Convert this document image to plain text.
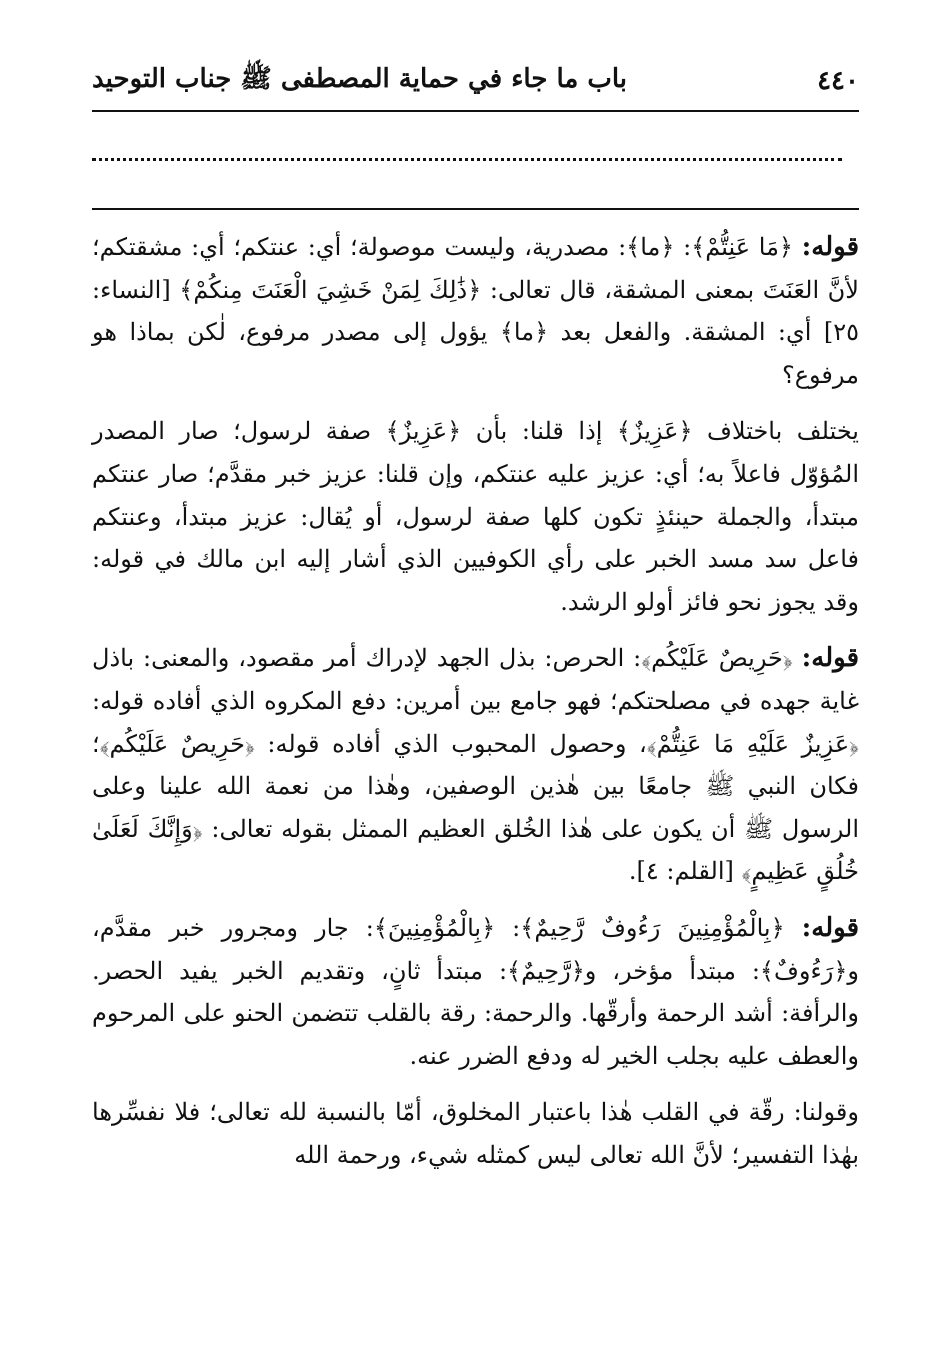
باب ما جاء في حماية المصطفى ﷺ جناب التوحيد	٤٤٠

قوله: ﴿مَا عَنِتُّمْ﴾: ﴿ما﴾: مصدرية، وليست موصولة؛ أي: عنتكم؛ أي: مشقتكم؛ لأنَّ العَنَتَ بمعنى المشقة، قال تعالى: ﴿ذَٰلِكَ لِمَنْ خَشِيَ الْعَنَتَ مِنكُمْ﴾ [النساء: ٢٥] أي: المشقة. والفعل بعد ﴿ما﴾ يؤول إلى مصدر مرفوع، لٰكن بماذا هو مرفوع؟

يختلف باختلاف ﴿عَزِيزٌ﴾ إذا قلنا: بأن ﴿عَزِيزٌ﴾ صفة لرسول؛ صار المصدر المُؤوّل فاعلاً به؛ أي: عزيز عليه عنتكم، وإن قلنا: عزيز خبر مقدَّم؛ صار عنتكم مبتدأ، والجملة حينئذٍ تكون كلها صفة لرسول، أو يُقال: عزيز مبتدأ، وعنتكم فاعل سد مسد الخبر على رأي الكوفيين الذي أشار إليه ابن مالك في قوله: وقد يجوز نحو فائز أولو الرشد.

قوله: ﴿حَرِيصٌ عَلَيْكُم﴾: الحرص: بذل الجهد لإدراك أمر مقصود، والمعنى: باذل غاية جهده في مصلحتكم؛ فهو جامع بين أمرين: دفع المكروه الذي أفاده قوله: ﴿عَزِيزٌ عَلَيْهِ مَا عَنِتُّمْ﴾، وحصول المحبوب الذي أفاده قوله: ﴿حَرِيصٌ عَلَيْكُم﴾؛ فكان النبي ﷺ جامعًا بين هٰذين الوصفين، وهٰذا من نعمة الله علينا وعلى الرسول ﷺ أن يكون على هٰذا الخُلق العظيم الممثل بقوله تعالى: ﴿وَإِنَّكَ لَعَلَىٰ خُلُقٍ عَظِيمٍ﴾ [القلم: ٤].

قوله: ﴿بِالْمُؤْمِنِينَ رَءُوفٌ رَّحِيمٌ﴾: ﴿بِالْمُؤْمِنِينَ﴾: جار ومجرور خبر مقدَّم، و﴿رَءُوفٌ﴾: مبتدأ مؤخر، و﴿رَّحِيمٌ﴾: مبتدأ ثانٍ، وتقديم الخبر يفيد الحصر. والرأفة: أشد الرحمة وأرقّها. والرحمة: رقة بالقلب تتضمن الحنو على المرحوم والعطف عليه بجلب الخير له ودفع الضرر عنه.

وقولنا: رقّة في القلب هٰذا باعتبار المخلوق، أمّا بالنسبة لله تعالى؛ فلا نفسِّرها بهٰذا التفسير؛ لأنَّ الله تعالى ليس كمثله شيء، ورحمة الله
